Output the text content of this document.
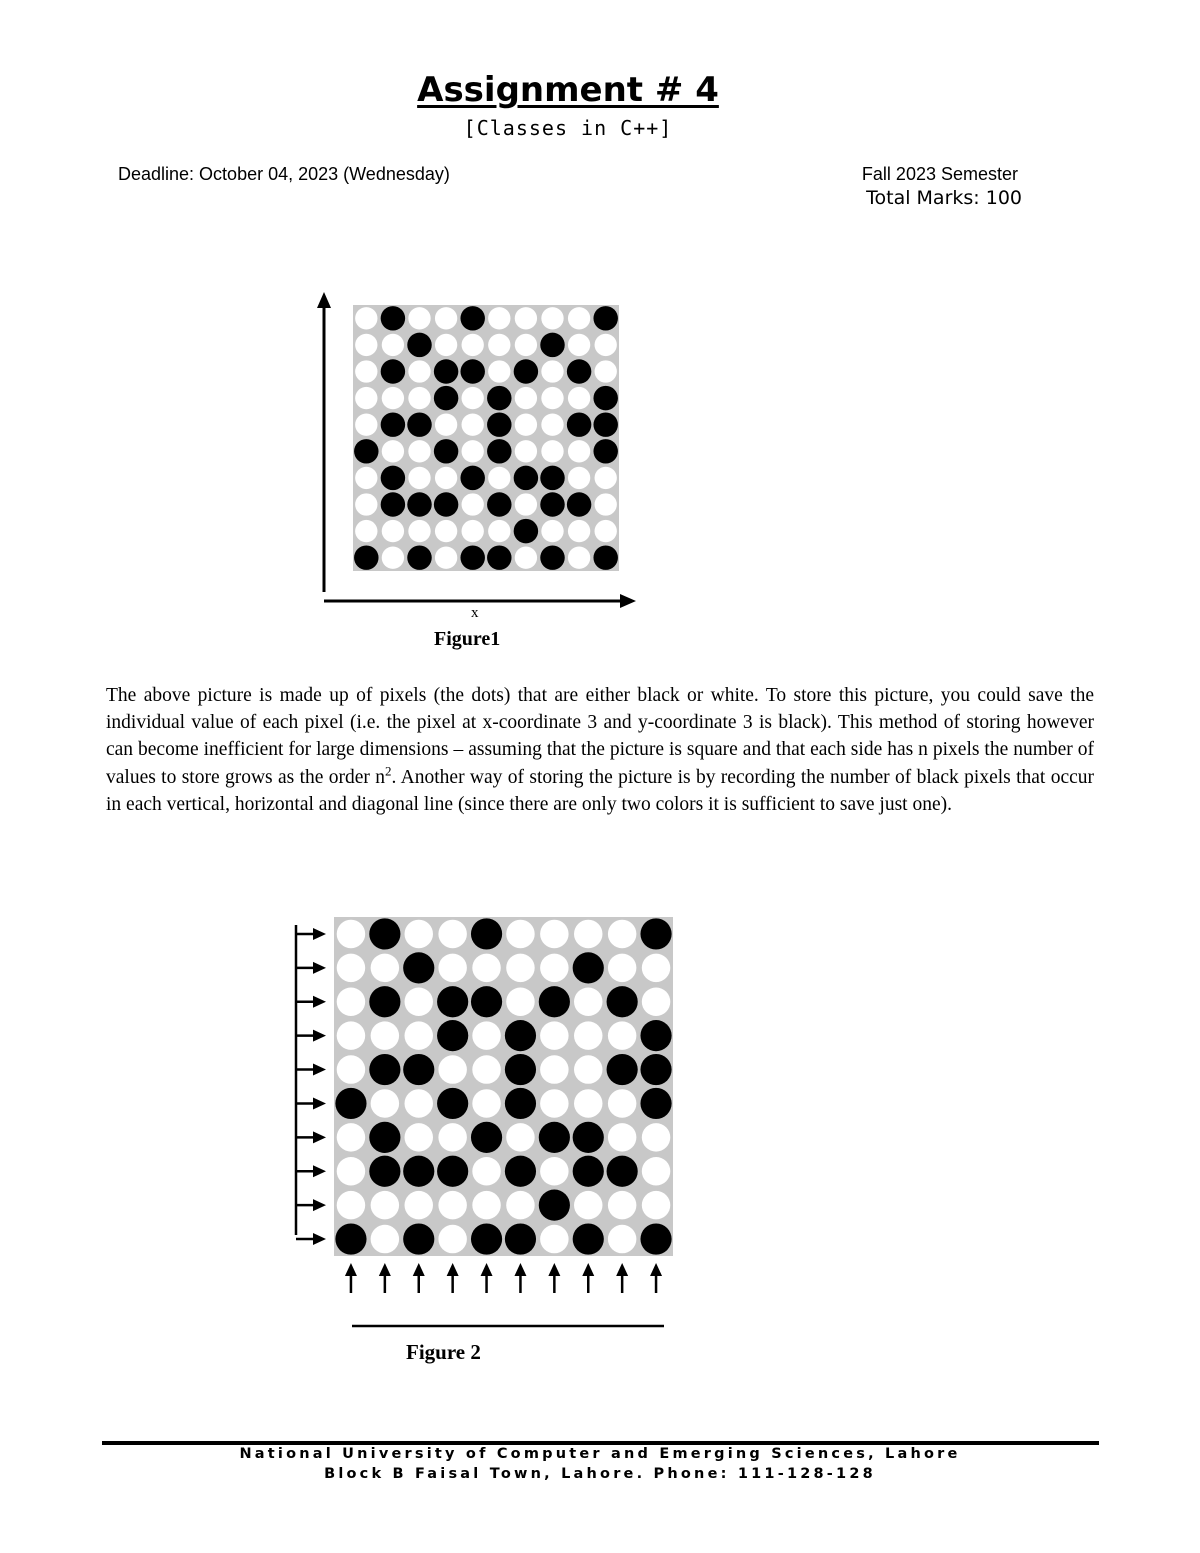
Assignment # 4
[Classes in C++]
Deadline: October 04, 2023 (Wednesday)	Fall 2023 Semester
Total Marks: 100
x
Figure1
The above picture is made up of pixels (the dots) that are either black or white. To store this picture, you could save the individual value of each pixel (i.e. the pixel at x-coordinate 3 and y-coordinate 3 is black). This method of storing however can become inefficient for large dimensions – assuming that the picture is square and that each side has n pixels the number of values to store grows as the order $n^2$. Another way of storing the picture is by recording the number of black pixels that occur in each vertical, horizontal and diagonal line (since there are only two colors it is sufficient to save just one).
Figure 2
National University of Computer and Emerging Sciences, Lahore
Block B Faisal Town, Lahore. Phone: 111-128-128
